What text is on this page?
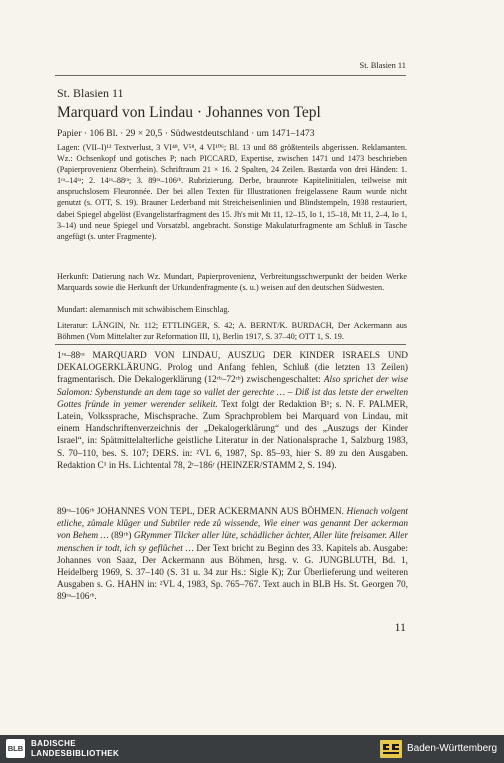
St. Blasien 11
St. Blasien 11
Marquard von Lindau · Johannes von Tepl
Papier · 106 Bl. · 29 × 20,5 · Südwestdeutschland · um 1471–1473
Lagen: (VII–I)¹² Textverlust, 3 VI⁴⁸, V⁵⁸, 4 VI¹⁰⁶; Bl. 13 und 88 größtenteils abgerissen. Reklamanten. Wz.: Ochsenkopf und gotisches P; nach PICCARD, Expertise, zwischen 1471 und 1473 beschrieben (Papierprovenienz Oberrhein). Schriftraum 21 × 16. 2 Spalten, 24 Zeilen. Bastarda von drei Händen: 1. 1ʳᵃ–14ʳᵃ; 2. 14ʳᵃ–88ʳᵃ; 3. 89ʳᵃ–106ʳᵇ. Rubrizierung. Derbe, braunrote Kapitelinitialen, teilweise mit anspruchslosem Fleuronnée. Der bei allen Texten für Illustrationen freigelassene Raum wurde nicht genutzt (s. OTT, S. 19). Brauner Lederband mit Streicheisenlinien und Blindstempeln, 1938 restauriert, dabei Spiegel abgelöst (Evangelistarfragment des 15. Jh's mit Mt 11, 12–15, Io 1, 15–18, Mt 11, 2–4, Io 1, 3–14) und neue Spiegel und Vorsatzbl. angebracht. Sonstige Makulaturfragmente am Schluß in Tasche angefügt (s. unter Fragmente).
Herkunft: Datierung nach Wz. Mundart, Papierprovenienz, Verbreitungsschwerpunkt der beiden Werke Marquards sowie die Herkunft der Urkundenfragmente (s. u.) weisen auf den deutschen Südwesten.
Mundart: alemannisch mit schwäbischem Einschlag.
Literatur: LÄNGIN, Nr. 112; ETTLINGER, S. 42; A. BERNT/K. BURDACH, Der Ackermann aus Böhmen (Vom Mittelalter zur Reformation III, 1), Berlin 1917, S. 37–40; OTT 1, S. 19.
1ʳᵃ–88ʳᵃ MARQUARD VON LINDAU, AUSZUG DER KINDER ISRAELS UND DEKALOGERKLÄRUNG. Prolog und Anfang fehlen, Schluß (die letzten 13 Zeilen) fragmentarisch. Die Dekalogerklärung (12ʳᵇ–72ʳᵇ) zwischengeschaltet: Also sprichet der wise Salomon: Sybenstunde an dem tage so vallet der gerechte … – Diß ist das letste der erwelten Gottes fründe in yemer werender selikeit. Text folgt der Redaktion B¹; s. N. F. PALMER, Latein, Volkssprache, Mischsprache. Zum Sprachproblem bei Marquard von Lindau, mit einem Handschriftenverzeichnis der „Dekalogerklärung“ und des „Auszugs der Kinder Israel“, in: Spätmittelalterliche geistliche Literatur in der Nationalsprache 1, Salzburg 1983, S. 70–110, bes. S. 107; DERS. in: ²VL 6, 1987, Sp. 85–93, hier S. 89 zu den Ausgaben. Redaktion C¹ in Hs. Lichtental 78, 2ʳ–186ʳ (HEINZER/STAMM 2, S. 194).
89ʳᵃ–106ʳᵇ JOHANNES VON TEPL, DER ACKERMANN AUS BÖHMEN. Hienach volgent etliche, zůmale klůger und Subtiler rede zů wissende, Wie einer was genannt Der ackerman von Behem … (89ʳᵇ) GRymmer Tilcker aller lüte, schädlicher ächter, Aller lüte freisamer. Aller menschen ir todt, ich sy geflůchet … Der Text bricht zu Beginn des 33. Kapitels ab. Ausgabe: Johannes von Saaz, Der Ackermann aus Böhmen, hrsg. v. G. JUNGBLUTH, Bd. 1, Heidelberg 1969, S. 37–140 (S. 31 u. 34 zur Hs.: Sigle K); Zur Überlieferung und weiteren Ausgaben s. G. HAHN in: ²VL 4, 1983, Sp. 765–767. Text auch in BLB Hs. St. Georgen 70, 89ʳᵃ–106ʳᵇ.
11
BLB
BADISCHE
LANDESBIBLIOTHEK	Baden-Württemberg
